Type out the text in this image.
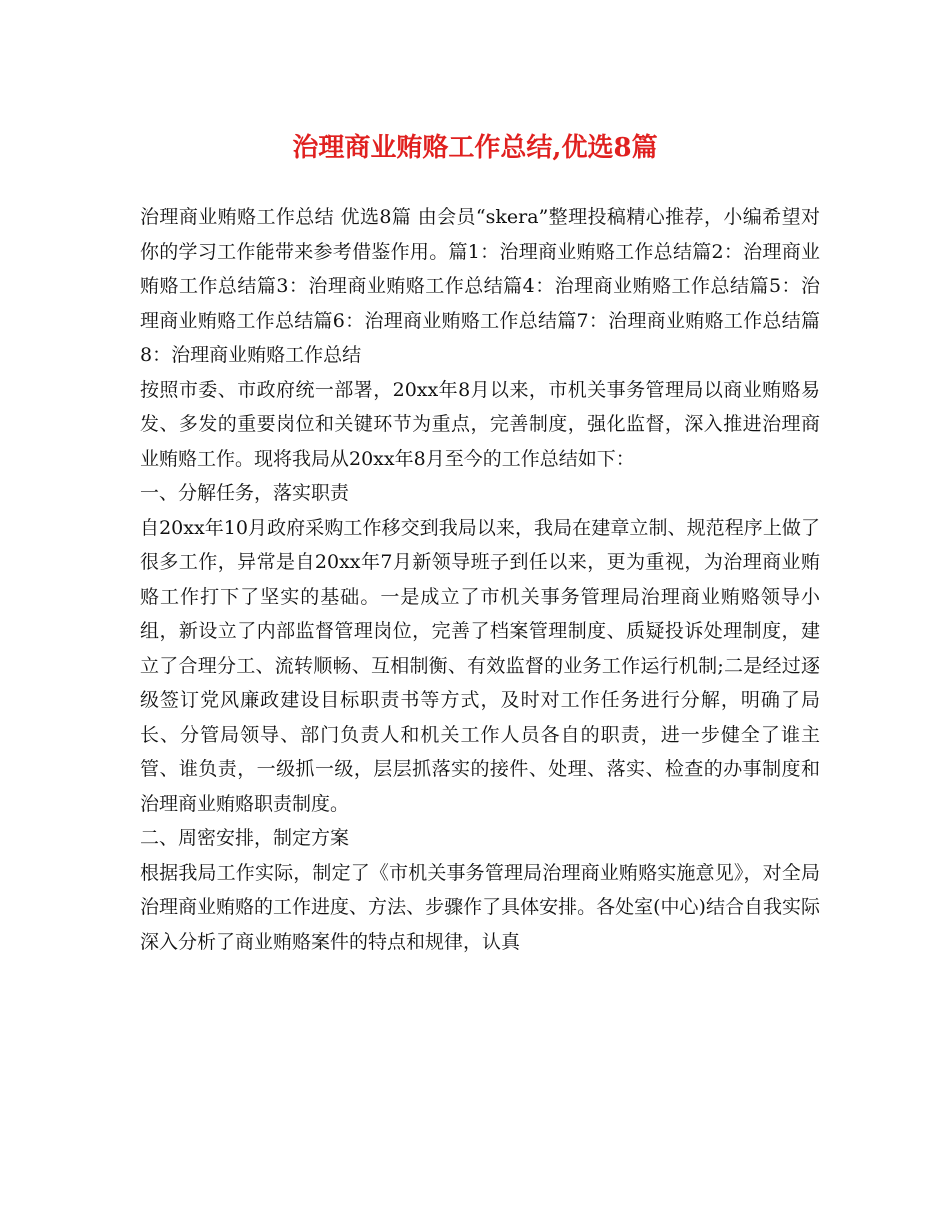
治理商业贿赂工作总结,优选8篇

治理商业贿赂工作总结 优选8篇 由会员“skera”整理投稿精心推荐，小编希望对你的学习工作能带来参考借鉴作用。篇1：治理商业贿赂工作总结篇2：治理商业贿赂工作总结篇3：治理商业贿赂工作总结篇4：治理商业贿赂工作总结篇5：治理商业贿赂工作总结篇6：治理商业贿赂工作总结篇7：治理商业贿赂工作总结篇8：治理商业贿赂工作总结

按照市委、市政府统一部署，20xx年8月以来，市机关事务管理局以商业贿赂易发、多发的重要岗位和关键环节为重点，完善制度，强化监督，深入推进治理商业贿赂工作。现将我局从20xx年8月至今的工作总结如下：

一、分解任务，落实职责

自20xx年10月政府采购工作移交到我局以来，我局在建章立制、规范程序上做了很多工作，异常是自20xx年7月新领导班子到任以来，更为重视，为治理商业贿赂工作打下了坚实的基础。一是成立了市机关事务管理局治理商业贿赂领导小组，新设立了内部监督管理岗位，完善了档案管理制度、质疑投诉处理制度，建立了合理分工、流转顺畅、互相制衡、有效监督的业务工作运行机制;二是经过逐级签订党风廉政建设目标职责书等方式，及时对工作任务进行分解，明确了局长、分管局领导、部门负责人和机关工作人员各自的职责，进一步健全了谁主管、谁负责，一级抓一级，层层抓落实的接件、处理、落实、检查的办事制度和治理商业贿赂职责制度。

二、周密安排，制定方案

根据我局工作实际，制定了《市机关事务管理局治理商业贿赂实施意见》，对全局治理商业贿赂的工作进度、方法、步骤作了具体安排。各处室(中心)结合自我实际深入分析了商业贿赂案件的特点和规律，认真
